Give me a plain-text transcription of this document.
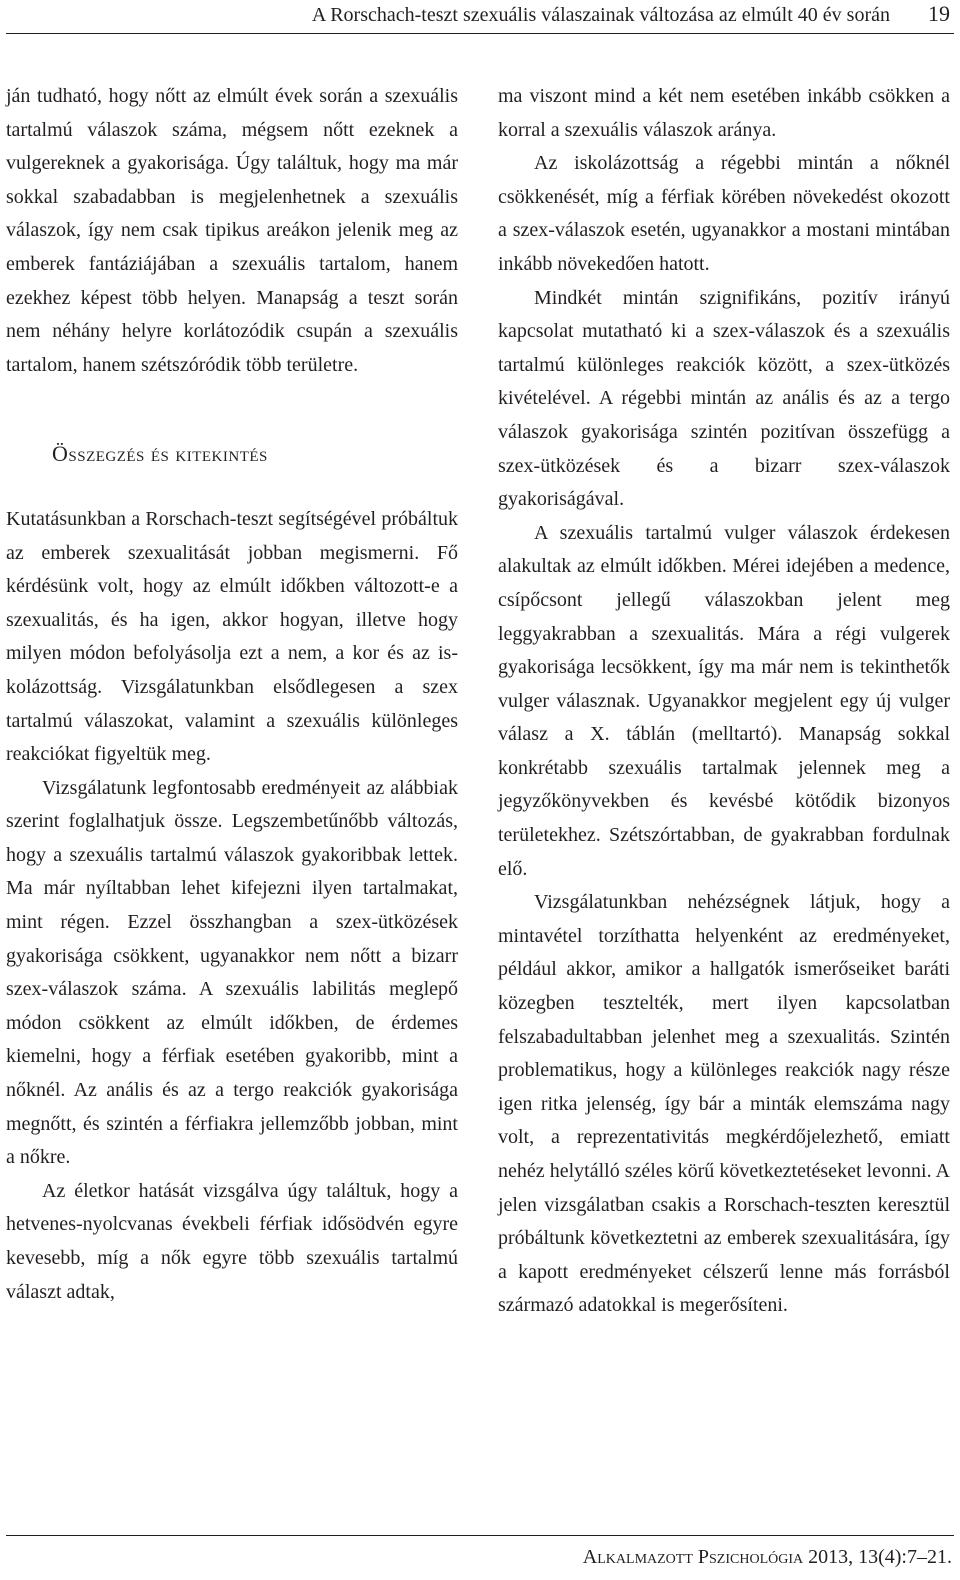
A Rorschach-teszt szexuális válaszainak változása az elmúlt 40 év során 19

ján tudható, hogy nőtt az elmúlt évek során a szexuális tartalmú válaszok száma, mégsem nőtt ezeknek a vulgereknek a gyakorisága. Úgy találtuk, hogy ma már sokkal szabadabban is megjelenhetnek a szexuális válaszok, így nem csak tipikus areákon jelenik meg az emberek fantáziájában a szexuális tartalom, hanem ezekhez képest több helyen. Manapság a teszt során nem néhány helyre korlátozódik csupán a szexuális tartalom, hanem szétszóródik több területre.

Összegzés és kitekintés

Kutatásunkban a Rorschach-teszt segítségével próbáltuk az emberek szexualitását jobban megismerni. Fő kérdésünk volt, hogy az elmúlt időkben változott-e a szexualitás, és ha igen, akkor hogyan, illetve hogy milyen módon befolyásolja ezt a nem, a kor és az iskolázottság. Vizsgálatunkban elsődlegesen a szex tartalmú válaszokat, valamint a szexuális különleges reakciókat figyeltük meg.

Vizsgálatunk legfontosabb eredményeit az alábbiak szerint foglalhatjuk össze. Legszembetűnőbb változás, hogy a szexuális tartalmú válaszok gyakoribbak lettek. Ma már nyíltabban lehet kifejezni ilyen tartalmakat, mint régen. Ezzel összhangban a szex-ütközések gyakorisága csökkent, ugyanakkor nem nőtt a bizarr szex-válaszok száma. A szexuális labilitás meglepő módon csökkent az elmúlt időkben, de érdemes kiemelni, hogy a férfiak esetében gyakoribb, mint a nőknél. Az anális és az a tergo reakciók gyakorisága megnőtt, és szintén a férfiakra jellemzőbb jobban, mint a nőkre.

Az életkor hatását vizsgálva úgy találtuk, hogy a hetvenes-nyolcvanas évekbeli férfiak idősödvén egyre kevesebb, míg a nők egyre több szexuális tartalmú választ adtak,

ma viszont mind a két nem esetében inkább csökken a korral a szexuális válaszok aránya.

Az iskolázottság a régebbi mintán a nőknél csökkenését, míg a férfiak körében növekedést okozott a szex-válaszok esetén, ugyanakkor a mostani mintában inkább növekedően hatott.

Mindkét mintán szignifikáns, pozitív irányú kapcsolat mutatható ki a szex-válaszok és a szexuális tartalmú különleges reakciók között, a szex-ütközés kivételével. A régebbi mintán az anális és az a tergo válaszok gyakorisága szintén pozitívan összefügg a szex-ütközések és a bizarr szex-válaszok gyakoriságával.

A szexuális tartalmú vulger válaszok érdekesen alakultak az elmúlt időkben. Mérei idejében a medence, csípőcsont jellegű válaszokban jelent meg leggyakrabban a szexualitás. Mára a régi vulgerek gyakorisága lecsökkent, így ma már nem is tekinthetők vulger válasznak. Ugyanakkor megjelent egy új vulger válasz a X. táblán (melltartó). Manapság sokkal konkrétabb szexuális tartalmak jelennek meg a jegyzőkönyvekben és kevésbé kötődik bizonyos területekhez. Szétszórtabban, de gyakrabban fordulnak elő.

Vizsgálatunkban nehézségnek látjuk, hogy a mintavétel torzíthatta helyenként az eredményeket, például akkor, amikor a hallgatók ismerőseiket baráti közegben tesztelték, mert ilyen kapcsolatban felszabadultabban jelenhet meg a szexualitás. Szintén problematikus, hogy a különleges reakciók nagy része igen ritka jelenség, így bár a minták elemszáma nagy volt, a reprezentativitás megkérdőjelezhető, emiatt nehéz helytálló széles körű következtetéseket levonni. A jelen vizsgálatban csakis a Rorschach-teszten keresztül próbáltunk következtetni az emberek szexualitására, így a kapott eredményeket célszerű lenne más forrásból származó adatokkal is megerősíteni.

Alkalmazott Pszichológia 2013, 13(4):7–21.
